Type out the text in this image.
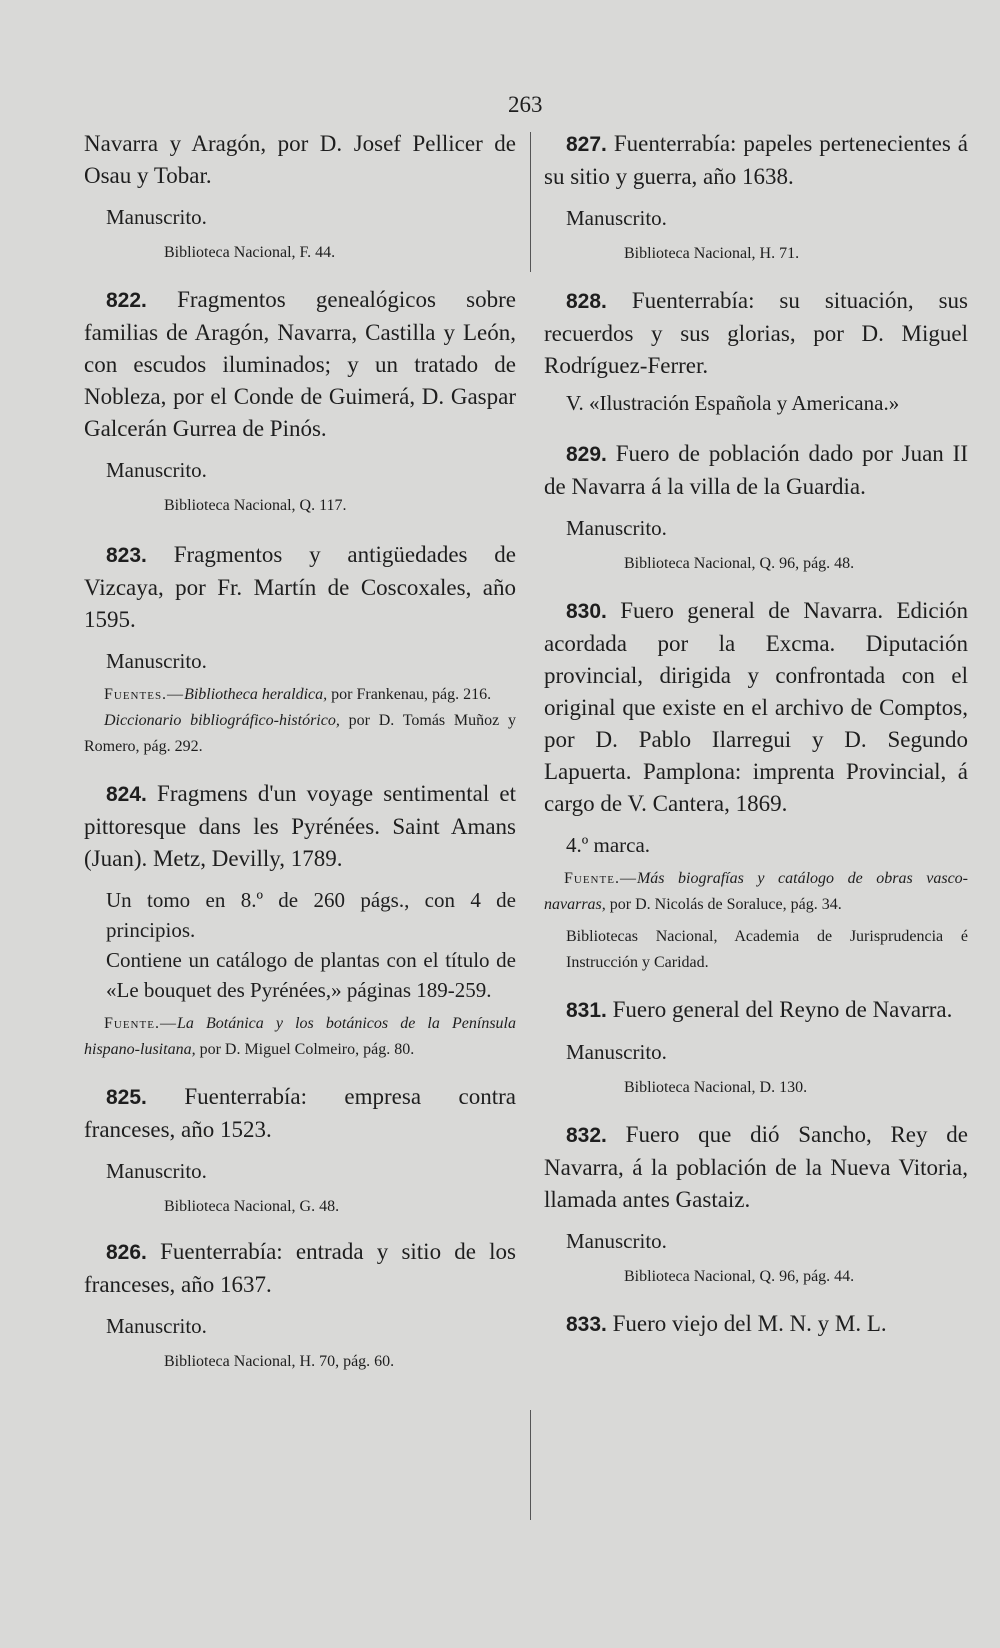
263

Navarra y Aragón, por D. Josef Pellicer de Osau y Tobar.

Manuscrito.

Biblioteca Nacional, F. 44.

822. Fragmentos genealógicos sobre familias de Aragón, Navarra, Castilla y León, con escudos iluminados; y un tratado de Nobleza, por el Conde de Guimerá, D. Gaspar Galcerán Gurrea de Pinós.

Manuscrito.

Biblioteca Nacional, Q. 117.

823. Fragmentos y antigüedades de Vizcaya, por Fr. Martín de Coscoxales, año 1595.

Manuscrito.

Fuentes.—Bibliotheca heraldica, por Frankenau, pág. 216.
Diccionario bibliográfico-histórico, por D. Tomás Muñoz y Romero, pág. 292.

824. Fragmens d'un voyage sentimental et pittoresque dans les Pyrénées. Saint Amans (Juan). Metz, Devilly, 1789.

Un tomo en 8.º de 260 págs., con 4 de principios.

Contiene un catálogo de plantas con el título de «Le bouquet des Pyrénées,» páginas 189-259.

Fuente.—La Botánica y los botánicos de la Península hispano-lusitana, por D. Miguel Colmeiro, pág. 80.

825. Fuenterrabía: empresa contra franceses, año 1523.

Manuscrito.

Biblioteca Nacional, G. 48.

826. Fuenterrabía: entrada y sitio de los franceses, año 1637.

Manuscrito.

Biblioteca Nacional, H. 70, pág. 60.

827. Fuenterrabía: papeles pertenecientes á su sitio y guerra, año 1638.

Manuscrito.

Biblioteca Nacional, H. 71.

828. Fuenterrabía: su situación, sus recuerdos y sus glorias, por D. Miguel Rodríguez-Ferrer.

V. «Ilustración Española y Americana.»

829. Fuero de población dado por Juan II de Navarra á la villa de la Guardia.

Manuscrito.

Biblioteca Nacional, Q. 96, pág. 48.

830. Fuero general de Navarra. Edición acordada por la Excma. Diputación provincial, dirigida y confrontada con el original que existe en el archivo de Comptos, por D. Pablo Ilarregui y D. Segundo Lapuerta. Pamplona: imprenta Provincial, á cargo de V. Cantera, 1869.

4.º marca.

Fuente.—Más biografías y catálogo de obras vasco-navarras, por D. Nicolás de Soraluce, pág. 34.

Bibliotecas Nacional, Academia de Jurisprudencia é Instrucción y Caridad.

831. Fuero general del Reyno de Navarra.

Manuscrito.

Biblioteca Nacional, D. 130.

832. Fuero que dió Sancho, Rey de Navarra, á la población de la Nueva Vitoria, llamada antes Gastaiz.

Manuscrito.

Biblioteca Nacional, Q. 96, pág. 44.

833. Fuero viejo del M. N. y M. L.
